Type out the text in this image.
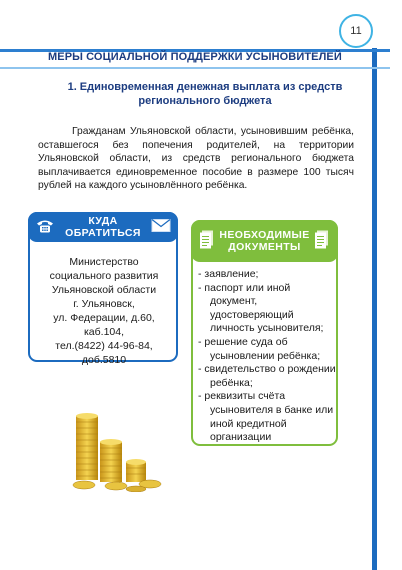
11
МЕРЫ СОЦИАЛЬНОЙ ПОДДЕРЖКИ УСЫНОВИТЕЛЕЙ
1. Единовременная денежная выплата из средств регионального бюджета
Гражданам Ульяновской области, усыновившим ребёнка, оставшегося без попечения родителей, на территории Ульяновской области, из средств регионального бюджета выплачивается единовременное пособие в размере 100 тысяч рублей на каждого усыновлённого ребёнка.
КУДА ОБРАТИТЬСЯ
Министерство
социального развития
Ульяновской области
г. Ульяновск,
ул. Федерации, д.60,
каб.104,
тел.(8422) 44-96-84,
доб.5810
НЕОБХОДИМЫЕ ДОКУМЕНТЫ
- заявление;
- паспорт или иной документ, удостоверяющий личность усыновителя;
- решение суда об усыновлении ребёнка;
- свидетельство о рождении ребёнка;
- реквизиты счёта усыновителя в банке или иной кредитной организации
